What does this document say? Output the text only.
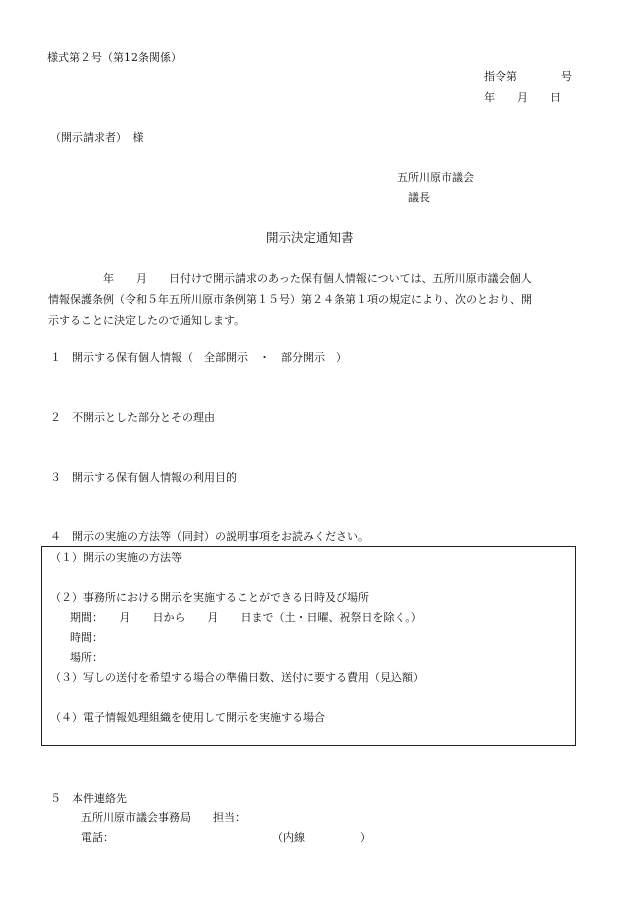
様式第２号（第12条関係）
指令第　　　　号
年　　月　　日
（開示請求者）　様
五所川原市議会
議長
開示決定通知書
　　　　　年　　月　　日付けで開示請求のあった保有個人情報については、五所川原市議会個人
情報保護条例（令和５年五所川原市条例第１５号）第２４条第１項の規定により、次のとおり、開
示することに決定したので通知します。
１　開示する保有個人情報（　全部開示　・　部分開示　）
２　不開示とした部分とその理由
３　開示する保有個人情報の利用目的
４　開示の実施の方法等（同封）の説明事項をお読みください。
（１）開示の実施の方法等
（２）事務所における開示を実施することができる日時及び場所
期間：　　月　　日から　　月　　日まで（土・日曜、祝祭日を除く。）
時間：
場所：
（３）写しの送付を希望する場合の準備日数、送付に要する費用（見込額）
（４）電子情報処理組織を使用して開示を実施する場合
５　本件連絡先
五所川原市議会事務局　　担当：
電話：	（内線　　　　　）
